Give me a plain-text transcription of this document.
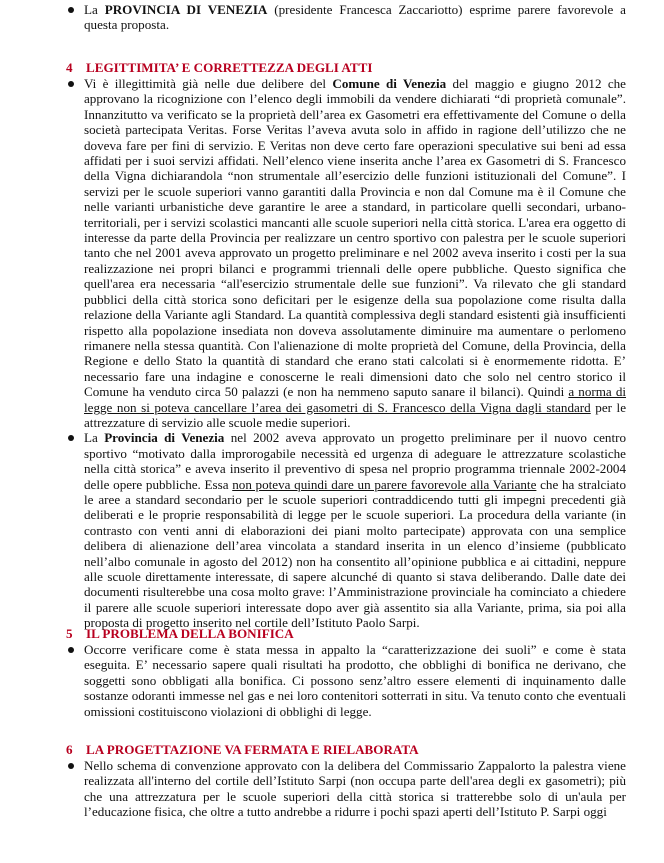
La PROVINCIA DI VENEZIA (presidente Francesca Zaccariotto) esprime parere favorevole a questa proposta.
4 LEGITTIMITA’ E CORRETTEZZA DEGLI ATTI
Vi è illegittimità già nelle due delibere del Comune di Venezia del maggio e giugno 2012 che approvano la ricognizione con l’elenco degli immobili da vendere dichiarati “di proprietà comunale”. Innanzitutto va verificato se la proprietà dell’area ex Gasometri era effettivamente del Comune o della società partecipata Veritas. Forse Veritas l’aveva avuta solo in affido in ragione dell’utilizzo che ne doveva fare per fini di servizio. E Veritas non deve certo fare operazioni speculative sui beni ad essa affidati per i suoi servizi affidati. Nell’elenco viene inserita anche l’area ex Gasometri di S. Francesco della Vigna dichiarandola “non strumentale all’esercizio delle funzioni istituzionali del Comune”. I servizi per le scuole superiori vanno garantiti dalla Provincia e non dal Comune ma è il Comune che nelle varianti urbanistiche deve garantire le aree a standard, in particolare quelli secondari, urbano-territoriali, per i servizi scolastici mancanti alle scuole superiori nella città storica. L'area era oggetto di interesse da parte della Provincia per realizzare un centro sportivo con palestra per le scuole superiori tanto che nel 2001 aveva approvato un progetto preliminare e nel 2002 aveva inserito i costi per la sua realizzazione nei propri bilanci e programmi triennali delle opere pubbliche. Questo significa che quell'area era necessaria “all'esercizio strumentale delle sue funzioni”. Va rilevato che gli standard pubblici della città storica sono deficitari per le esigenze della sua popolazione come risulta dalla relazione della Variante agli Standard. La quantità complessiva degli standard esistenti già insufficienti rispetto alla popolazione insediata non doveva assolutamente diminuire ma aumentare o perlomeno rimanere nella stessa quantità. Con l'alienazione di molte proprietà del Comune, della Provincia, della Regione e dello Stato la quantità di standard che erano stati calcolati si è enormemente ridotta. E’ necessario fare una indagine e conoscerne le reali dimensioni dato che solo nel centro storico il Comune ha venduto circa 50 palazzi (e non ha nemmeno saputo sanare il bilanci). Quindi a norma di legge non si poteva cancellare l’area dei gasometri di S. Francesco della Vigna dagli standard per le attrezzature di servizio alle scuole medie superiori.
La Provincia di Venezia nel 2002 aveva approvato un progetto preliminare per il nuovo centro sportivo “motivato dalla improrogabile necessità ed urgenza di adeguare le attrezzature scolastiche nella città storica” e aveva inserito il preventivo di spesa nel proprio programma triennale 2002-2004 delle opere pubbliche. Essa non poteva quindi dare un parere favorevole alla Variante che ha stralciato le aree a standard secondario per le scuole superiori contraddicendo tutti gli impegni precedenti già deliberati e le proprie responsabilità di legge per le scuole superiori. La procedura della variante (in contrasto con venti anni di elaborazioni dei piani molto partecipate) approvata con una semplice delibera di alienazione dell’area vincolata a standard inserita in un elenco d’insieme (pubblicato nell’albo comunale in agosto del 2012) non ha consentito all’opinione pubblica e ai cittadini, neppure alle scuole direttamente interessate, di sapere alcunché di quanto si stava deliberando. Dalle date dei documenti risulterebbe una cosa molto grave: l’Amministrazione provinciale ha cominciato a chiedere il parere alle scuole superiori interessate dopo aver già assentito sia alla Variante, prima, sia poi alla proposta di progetto inserito nel cortile dell’Istituto Paolo Sarpi.
5 IL PROBLEMA DELLA BONIFICA
Occorre verificare come è stata messa in appalto la “caratterizzazione dei suoli” e come è stata eseguita. E’ necessario sapere quali risultati ha prodotto, che obblighi di bonifica ne derivano, che soggetti sono obbligati alla bonifica. Ci possono senz’altro essere elementi di inquinamento dalle sostanze odoranti immesse nel gas e nei loro contenitori sotterrati in situ. Va tenuto conto che eventuali omissioni costituiscono violazioni di obblighi di legge.
6 LA PROGETTAZIONE VA FERMATA E RIELABORATA
Nello schema di convenzione approvato con la delibera del Commissario Zappalorto la palestra viene realizzata all'interno del cortile dell’Istituto Sarpi (non occupa parte dell'area degli ex gasometri); più che una attrezzatura per le scuole superiori della città storica si tratterebbe solo di un'aula per l’educazione fisica, che oltre a tutto andrebbe a ridurre i pochi spazi aperti dell’Istituto P. Sarpi oggi
